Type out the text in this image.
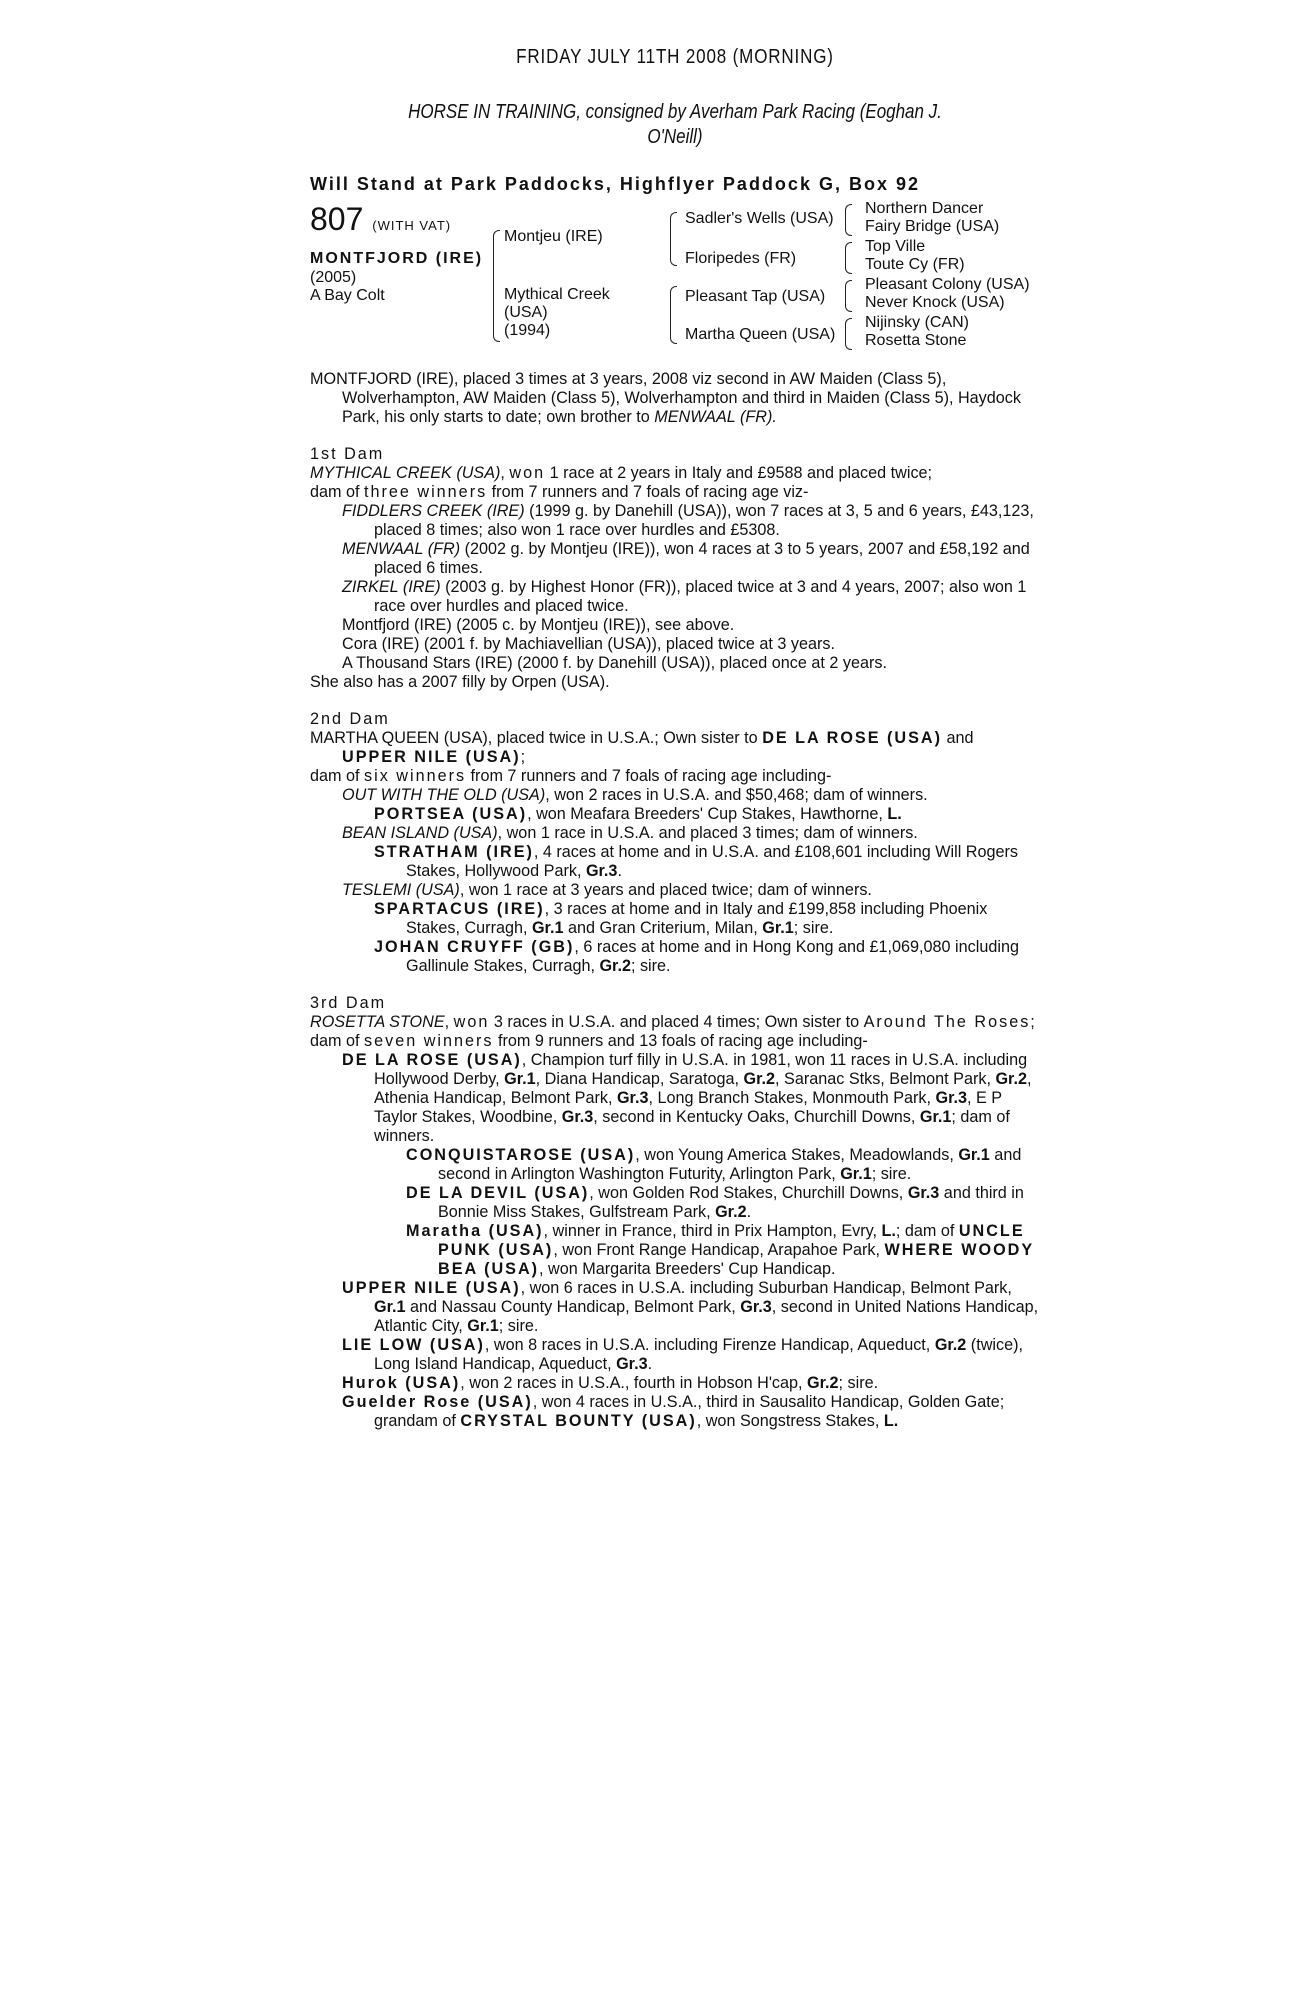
FRIDAY JULY 11TH 2008 (MORNING)
HORSE IN TRAINING, consigned by Averham Park Racing (Eoghan J.
O'Neill)
Will Stand at Park Paddocks, Highflyer Paddock G, Box 92
807 (WITH VAT)
MONTFJORD (IRE)
(2005)
A Bay Colt
Montjeu (IRE)
Mythical Creek
(USA)
(1994)
Sadler's Wells (USA)
Floripedes (FR)
Pleasant Tap (USA)
Martha Queen (USA)
Northern Dancer
Fairy Bridge (USA)
Top Ville
Toute Cy (FR)
Pleasant Colony (USA)
Never Knock (USA)
Nijinsky (CAN)
Rosetta Stone

MONTFJORD (IRE), placed 3 times at 3 years, 2008 viz second in AW Maiden (Class 5), Wolverhampton, AW Maiden (Class 5), Wolverhampton and third in Maiden (Class 5), Haydock Park, his only starts to date; own brother to MENWAAL (FR).

1st Dam

MYTHICAL CREEK (USA), won 1 race at 2 years in Italy and £9588 and placed twice;

dam of three winners from 7 runners and 7 foals of racing age viz-

FIDDLERS CREEK (IRE) (1999 g. by Danehill (USA)), won 7 races at 3, 5 and 6 years, £43,123, placed 8 times; also won 1 race over hurdles and £5308.

MENWAAL (FR) (2002 g. by Montjeu (IRE)), won 4 races at 3 to 5 years, 2007 and £58,192 and placed 6 times.

ZIRKEL (IRE) (2003 g. by Highest Honor (FR)), placed twice at 3 and 4 years, 2007; also won 1 race over hurdles and placed twice.

Montfjord (IRE) (2005 c. by Montjeu (IRE)), see above.

Cora (IRE) (2001 f. by Machiavellian (USA)), placed twice at 3 years.

A Thousand Stars (IRE) (2000 f. by Danehill (USA)), placed once at 2 years.

She also has a 2007 filly by Orpen (USA).

2nd Dam

MARTHA QUEEN (USA), placed twice in U.S.A.; Own sister to DE LA ROSE (USA) and UPPER NILE (USA);

dam of six winners from 7 runners and 7 foals of racing age including-

OUT WITH THE OLD (USA), won 2 races in U.S.A. and $50,468; dam of winners.

PORTSEA (USA), won Meafara Breeders' Cup Stakes, Hawthorne, L.

BEAN ISLAND (USA), won 1 race in U.S.A. and placed 3 times; dam of winners.

STRATHAM (IRE), 4 races at home and in U.S.A. and £108,601 including Will Rogers Stakes, Hollywood Park, Gr.3.

TESLEMI (USA), won 1 race at 3 years and placed twice; dam of winners.

SPARTACUS (IRE), 3 races at home and in Italy and £199,858 including Phoenix Stakes, Curragh, Gr.1 and Gran Criterium, Milan, Gr.1; sire.

JOHAN CRUYFF (GB), 6 races at home and in Hong Kong and £1,069,080 including Gallinule Stakes, Curragh, Gr.2; sire.

3rd Dam

ROSETTA STONE, won 3 races in U.S.A. and placed 4 times; Own sister to Around The Roses;

dam of seven winners from 9 runners and 13 foals of racing age including-

DE LA ROSE (USA), Champion turf filly in U.S.A. in 1981, won 11 races in U.S.A. including Hollywood Derby, Gr.1, Diana Handicap, Saratoga, Gr.2, Saranac Stks, Belmont Park, Gr.2, Athenia Handicap, Belmont Park, Gr.3, Long Branch Stakes, Monmouth Park, Gr.3, E P Taylor Stakes, Woodbine, Gr.3, second in Kentucky Oaks, Churchill Downs, Gr.1; dam of winners.

CONQUISTAROSE (USA), won Young America Stakes, Meadowlands, Gr.1 and second in Arlington Washington Futurity, Arlington Park, Gr.1; sire.

DE LA DEVIL (USA), won Golden Rod Stakes, Churchill Downs, Gr.3 and third in Bonnie Miss Stakes, Gulfstream Park, Gr.2.

Maratha (USA), winner in France, third in Prix Hampton, Evry, L.; dam of UNCLE PUNK (USA), won Front Range Handicap, Arapahoe Park, WHERE WOODY BEA (USA), won Margarita Breeders' Cup Handicap.

UPPER NILE (USA), won 6 races in U.S.A. including Suburban Handicap, Belmont Park, Gr.1 and Nassau County Handicap, Belmont Park, Gr.3, second in United Nations Handicap, Atlantic City, Gr.1; sire.

LIE LOW (USA), won 8 races in U.S.A. including Firenze Handicap, Aqueduct, Gr.2 (twice), Long Island Handicap, Aqueduct, Gr.3.

Hurok (USA), won 2 races in U.S.A., fourth in Hobson H'cap, Gr.2; sire.

Guelder Rose (USA), won 4 races in U.S.A., third in Sausalito Handicap, Golden Gate; grandam of CRYSTAL BOUNTY (USA), won Songstress Stakes, L.
